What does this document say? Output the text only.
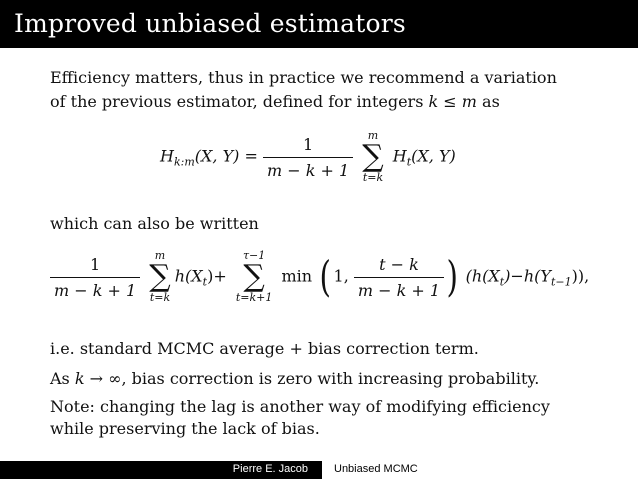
Improved unbiased estimators

Efficiency matters, thus in practice we recommend a variation

of the previous estimator, defined for integers k ≤ m as

$H_{k:m}(X$, $Y) = \frac{1}{m - k + 1}$
	m
∑
t=k
$H_t(X$, Y)

which can also be written

$\frac{1}{m - k + 1}$
	m
∑
t=k
$h(X_t)+$
τ−1
∑
t=k+1
min ( 1, $\frac{t - k}{m - k + 1}$ ) $(h(X_t)-h(Y_{t-1}))$,

i.e. standard MCMC average + bias correction term.

As k → ∞, bias correction is zero with increasing probability.

Note: changing the lag is another way of modifying efficiency

while preserving the lack of bias.

Pierre E. Jacob Unbiased MCMC
